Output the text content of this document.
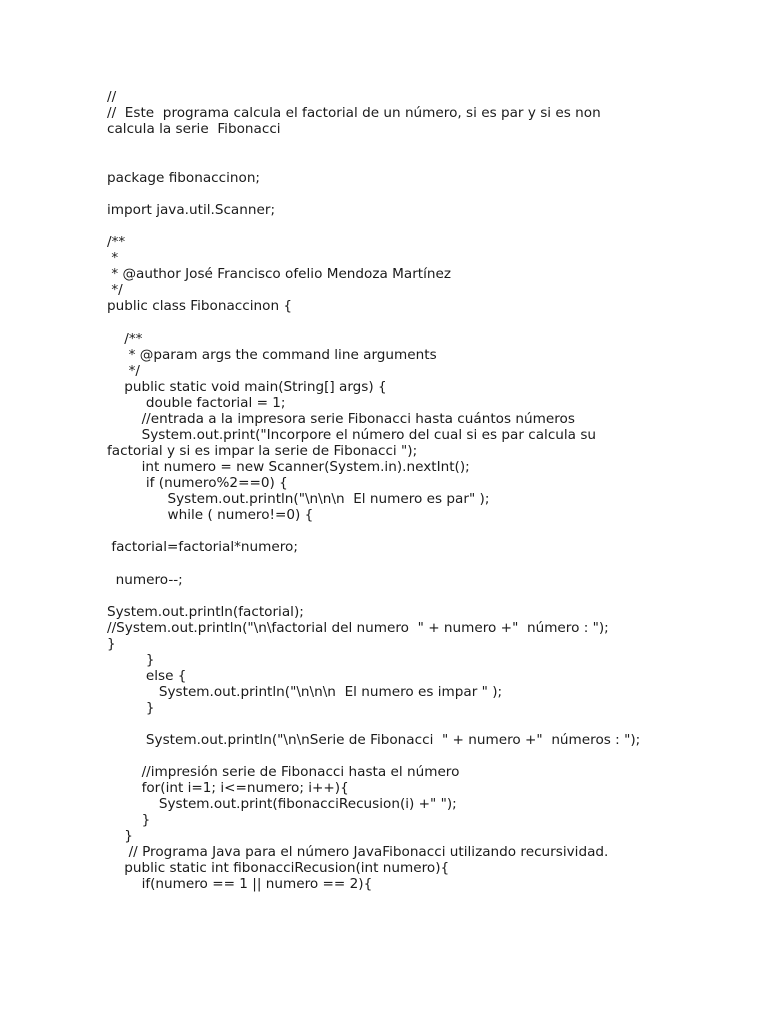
//

//  Este  programa calcula el factorial de un número, si es par y si es non

calcula la serie  Fibonacci

package fibonaccinon;

import java.util.Scanner;

/**

*

* @author José Francisco ofelio Mendoza Martínez

*/

public class Fibonaccinon {

/**

* @param args the command line arguments

*/

public static void main(String[] args) {

double factorial = 1;

//entrada a la impresora serie Fibonacci hasta cuántos números

System.out.print("Incorpore el número del cual si es par calcula su

factorial y si es impar la serie de Fibonacci ");

int numero = new Scanner(System.in).nextInt();

if (numero%2==0) {

System.out.println("\n\n\n  El numero es par" );

while ( numero!=0) {

factorial=factorial*numero;

numero--;

System.out.println(factorial);

//System.out.println("\n\factorial del numero  " + numero +"  número : ");

}

}

else {

System.out.println("\n\n\n  El numero es impar " );

}

System.out.println("\n\nSerie de Fibonacci  " + numero +"  números : ");

//impresión serie de Fibonacci hasta el número

for(int i=1; i<=numero; i++){

System.out.print(fibonacciRecusion(i) +" ");

}

}

// Programa Java para el número JavaFibonacci utilizando recursividad.

public static int fibonacciRecusion(int numero){

if(numero == 1 || numero == 2){
